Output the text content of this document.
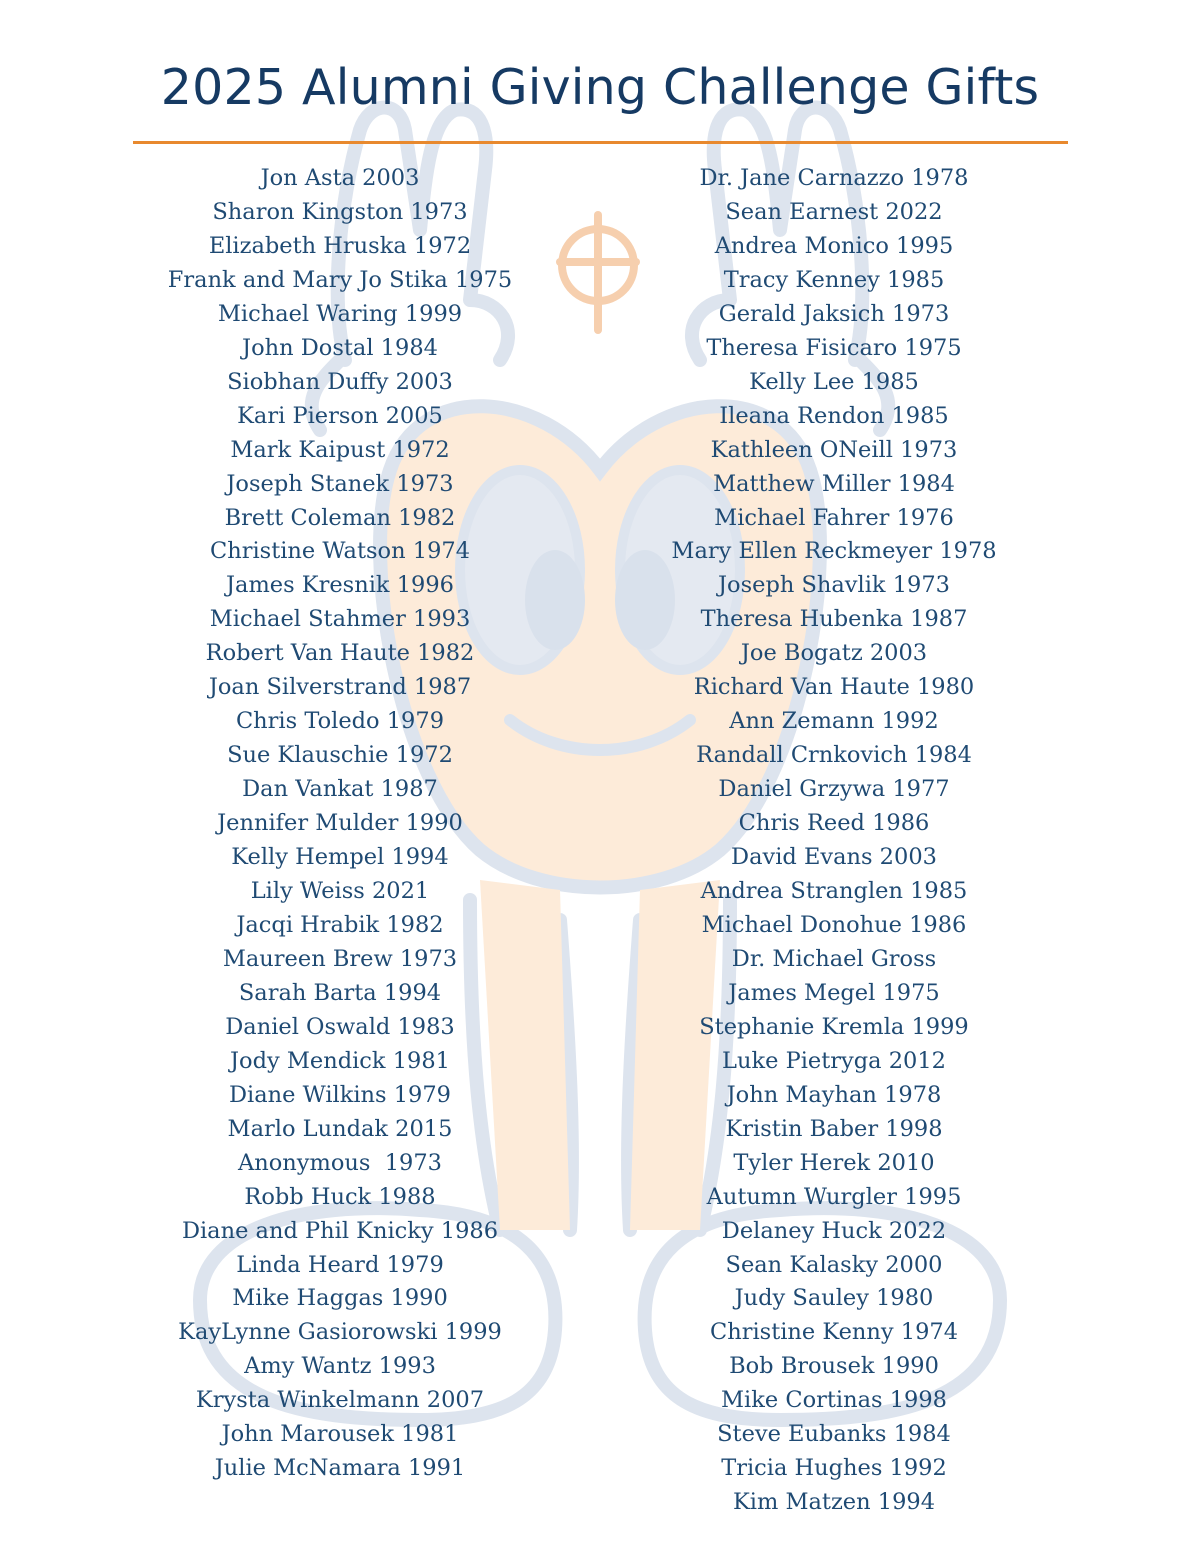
2025 Alumni Giving Challenge Gifts
Jon Asta 2003
Sharon Kingston 1973
Elizabeth Hruska 1972
Frank and Mary Jo Stika 1975
Michael Waring 1999
John Dostal 1984
Siobhan Duffy 2003
Kari Pierson 2005
Mark Kaipust 1972
Joseph Stanek 1973
Brett Coleman 1982
Christine Watson 1974
James Kresnik 1996
Michael Stahmer 1993
Robert Van Haute 1982
Joan Silverstrand 1987
Chris Toledo 1979
Sue Klauschie 1972
Dan Vankat 1987
Jennifer Mulder 1990
Kelly Hempel 1994
Lily Weiss 2021
Jacqi Hrabik 1982
Maureen Brew 1973
Sarah Barta 1994
Daniel Oswald 1983
Jody Mendick 1981
Diane Wilkins 1979
Marlo Lundak 2015
Anonymous  1973
Robb Huck 1988
Diane and Phil Knicky 1986
Linda Heard 1979
Mike Haggas 1990
KayLynne Gasiorowski 1999
Amy Wantz 1993
Krysta Winkelmann 2007
John Marousek 1981
Julie McNamara 1991
Dr. Jane Carnazzo 1978
Sean Earnest 2022
Andrea Monico 1995
Tracy Kenney 1985
Gerald Jaksich 1973
Theresa Fisicaro 1975
Kelly Lee 1985
Ileana Rendon 1985
Kathleen ONeill 1973
Matthew Miller 1984
Michael Fahrer 1976
Mary Ellen Reckmeyer 1978
Joseph Shavlik 1973
Theresa Hubenka 1987
Joe Bogatz 2003
Richard Van Haute 1980
Ann Zemann 1992
Randall Crnkovich 1984
Daniel Grzywa 1977
Chris Reed 1986
David Evans 2003
Andrea Stranglen 1985
Michael Donohue 1986
Dr. Michael Gross
James Megel 1975
Stephanie Kremla 1999
Luke Pietryga 2012
John Mayhan 1978
Kristin Baber 1998
Tyler Herek 2010
Autumn Wurgler 1995
Delaney Huck 2022
Sean Kalasky 2000
Judy Sauley 1980
Christine Kenny 1974
Bob Brousek 1990
Mike Cortinas 1998
Steve Eubanks 1984
Tricia Hughes 1992
Kim Matzen 1994
